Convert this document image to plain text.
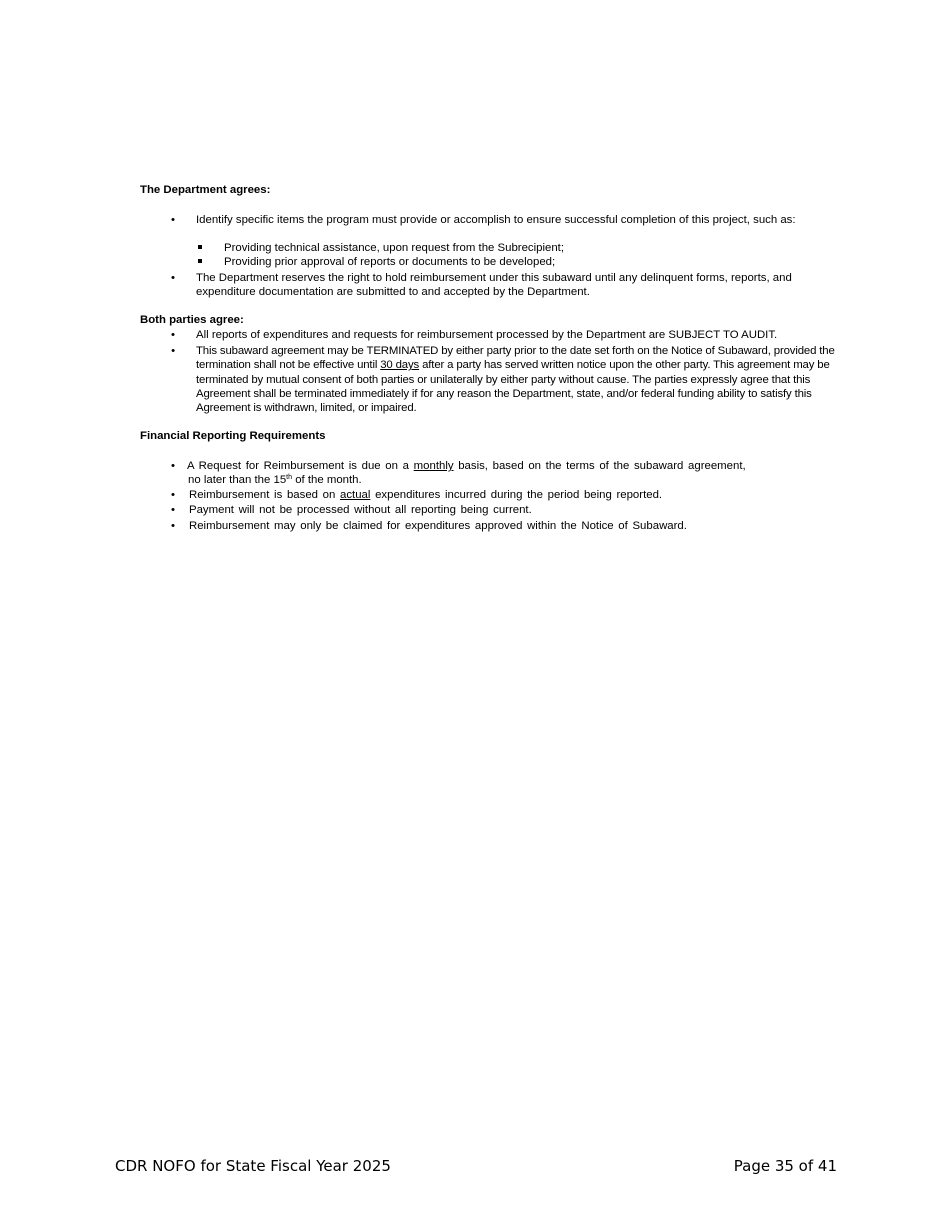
The Department agrees:
• Identify specific items the program must provide or accomplish to ensure successful completion of this project, such as:
Providing technical assistance, upon request from the Subrecipient;
Providing prior approval of reports or documents to be developed;
• The Department reserves the right to hold reimbursement under this subaward until any delinquent forms, reports, and expenditure documentation are submitted to and accepted by the Department.
Both parties agree:
• All reports of expenditures and requests for reimbursement processed by the Department are SUBJECT TO AUDIT.
• This subaward agreement may be TERMINATED by either party prior to the date set forth on the Notice of Subaward, provided the termination shall not be effective until 30 days after a party has served written notice upon the other party. This agreement may be terminated by mutual consent of both parties or unilaterally by either party without cause. The parties expressly agree that this Agreement shall be terminated immediately if for any reason the Department, state, and/or federal funding ability to satisfy this Agreement is withdrawn, limited, or impaired.
Financial Reporting Requirements
• A Request for Reimbursement is due on a monthly basis, based on the terms of the subaward agreement,
no later than the 15th of the month.
• Reimbursement is based on actual expenditures incurred during the period being reported.
• Payment will not be processed without all reporting being current.
• Reimbursement may only be claimed for expenditures approved within the Notice of Subaward.
CDR NOFO for State Fiscal Year 2025	Page 35 of 41
